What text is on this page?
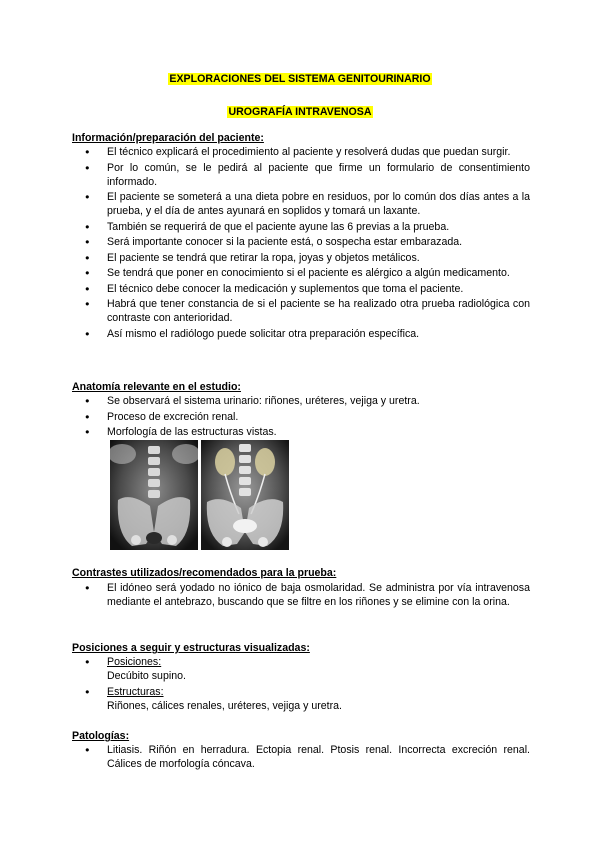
EXPLORACIONES DEL SISTEMA GENITOURINARIO
UROGRAFÍA INTRAVENOSA
Información/preparación del paciente:
● El técnico explicará el procedimiento al paciente y resolverá dudas que puedan surgir.
● Por lo común, se le pedirá al paciente que firme un formulario de consentimiento informado.
● El paciente se someterá a una dieta pobre en residuos, por lo común dos días antes a la prueba, y el día de antes ayunará en soplidos y tomará un laxante.
● También se requerirá de que el paciente ayune las 6 previas a la prueba.
● Será importante conocer si la paciente está, o sospecha estar embarazada.
● El paciente se tendrá que retirar la ropa, joyas y objetos metálicos.
● Se tendrá que poner en conocimiento si el paciente es alérgico a algún medicamento.
● El técnico debe conocer la medicación y suplementos que toma el paciente.
● Habrá que tener constancia de si el paciente se ha realizado otra prueba radiológica con contraste con anterioridad.
● Así mismo el radiólogo puede solicitar otra preparación específica.
Anatomía relevante en el estudio:
● Se observará el sistema urinario: riñones, uréteres, vejiga y uretra.
● Proceso de excreción renal.
● Morfología de las estructuras vistas.
Contrastes utilizados/recomendados para la prueba:
● El idóneo será yodado no iónico de baja osmolaridad. Se administra por vía intravenosa mediante el antebrazo, buscando que se filtre en los riñones y se elimine con la orina.
Posiciones a seguir y estructuras visualizadas:
● Posiciones:
Decúbito supino.
● Estructuras:
Riñones, cálices renales, uréteres, vejiga y uretra.
Patologías:
● Litiasis. Riñón en herradura. Ectopia renal. Ptosis renal. Incorrecta excreción renal. Cálices de morfología cóncava.
